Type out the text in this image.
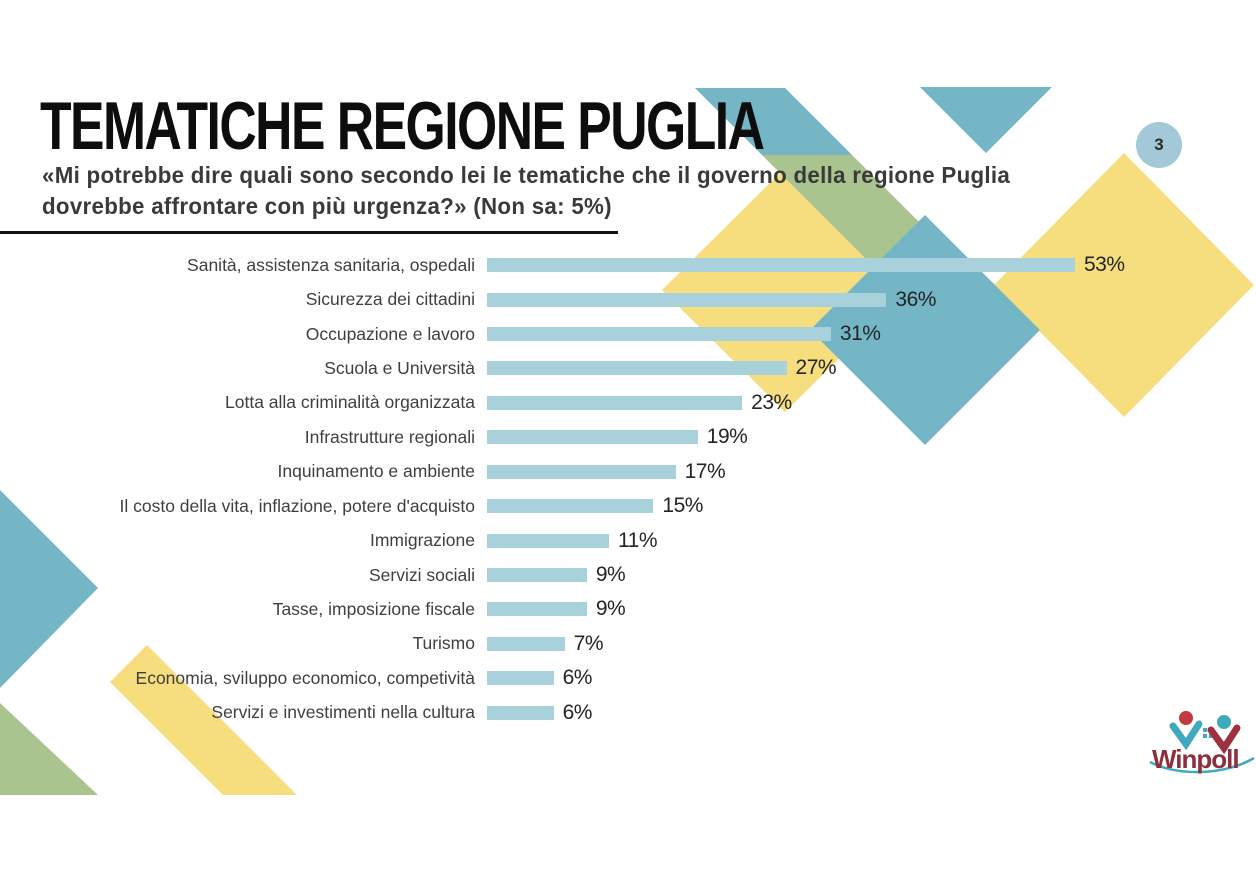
3
TEMATICHE REGIONE PUGLIA
«Mi potrebbe dire quali sono secondo lei le tematiche che il governo della regione Puglia
dovrebbe affrontare con più urgenza?» (Non sa: 5%)
Sanità, assistenza sanitaria, ospedali	53%
Sicurezza dei cittadini	36%
Occupazione e lavoro	31%
Scuola e Università	27%
Lotta alla criminalità organizzata	23%
Infrastrutture regionali	19%
Inquinamento e ambiente	17%
Il costo della vita, inflazione, potere d'acquisto	15%
Immigrazione	11%
Servizi sociali	9%
Tasse, imposizione fiscale	9%
Turismo	7%
Economia, sviluppo economico, competività	6%
Servizi e investimenti nella cultura	6%
Winpoll
